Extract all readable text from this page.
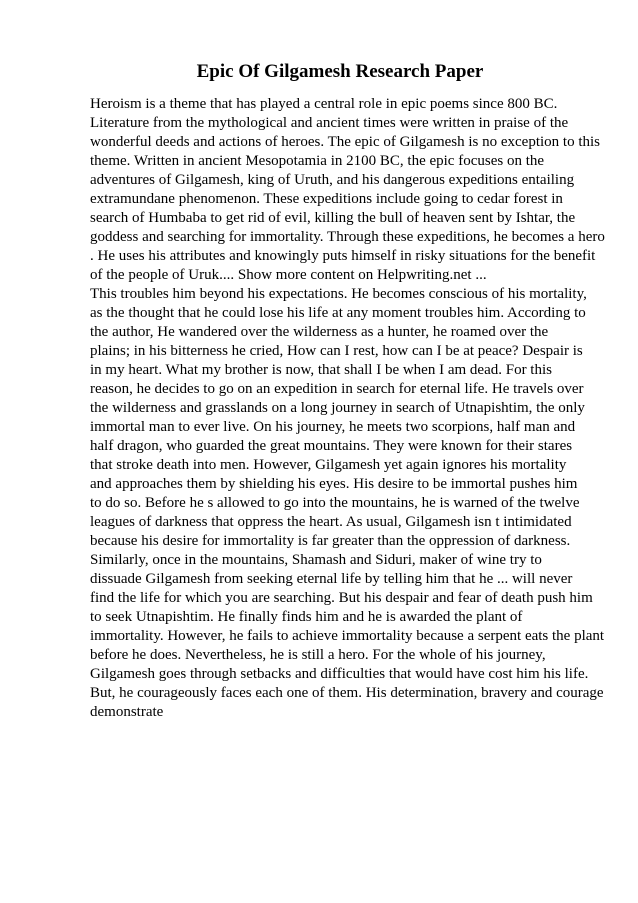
Epic Of Gilgamesh Research Paper
Heroism is a theme that has played a central role in epic poems since 800 BC.
Literature from the mythological and ancient times were written in praise of the
wonderful deeds and actions of heroes. The epic of Gilgamesh is no exception to this
theme. Written in ancient Mesopotamia in 2100 BC, the epic focuses on the
adventures of Gilgamesh, king of Uruth, and his dangerous expeditions entailing
extramundane phenomenon. These expeditions include going to cedar forest in
search of Humbaba to get rid of evil, killing the bull of heaven sent by Ishtar, the
goddess and searching for immortality. Through these expeditions, he becomes a hero
. He uses his attributes and knowingly puts himself in risky situations for the benefit
of the people of Uruk.... Show more content on Helpwriting.net ...
This troubles him beyond his expectations. He becomes conscious of his mortality,
as the thought that he could lose his life at any moment troubles him. According to
the author, He wandered over the wilderness as a hunter, he roamed over the
plains; in his bitterness he cried, How can I rest, how can I be at peace? Despair is
in my heart. What my brother is now, that shall I be when I am dead. For this
reason, he decides to go on an expedition in search for eternal life. He travels over
the wilderness and grasslands on a long journey in search of Utnapishtim, the only
immortal man to ever live. On his journey, he meets two scorpions, half man and
half dragon, who guarded the great mountains. They were known for their stares
that stroke death into men. However, Gilgamesh yet again ignores his mortality
and approaches them by shielding his eyes. His desire to be immortal pushes him
to do so. Before he s allowed to go into the mountains, he is warned of the twelve
leagues of darkness that oppress the heart. As usual, Gilgamesh isn t intimidated
because his desire for immortality is far greater than the oppression of darkness.
Similarly, once in the mountains, Shamash and Siduri, maker of wine try to
dissuade Gilgamesh from seeking eternal life by telling him that he ... will never
find the life for which you are searching. But his despair and fear of death push him
to seek Utnapishtim. He finally finds him and he is awarded the plant of
immortality. However, he fails to achieve immortality because a serpent eats the plant
before he does. Nevertheless, he is still a hero. For the whole of his journey,
Gilgamesh goes through setbacks and difficulties that would have cost him his life.
But, he courageously faces each one of them. His determination, bravery and courage
demonstrate
